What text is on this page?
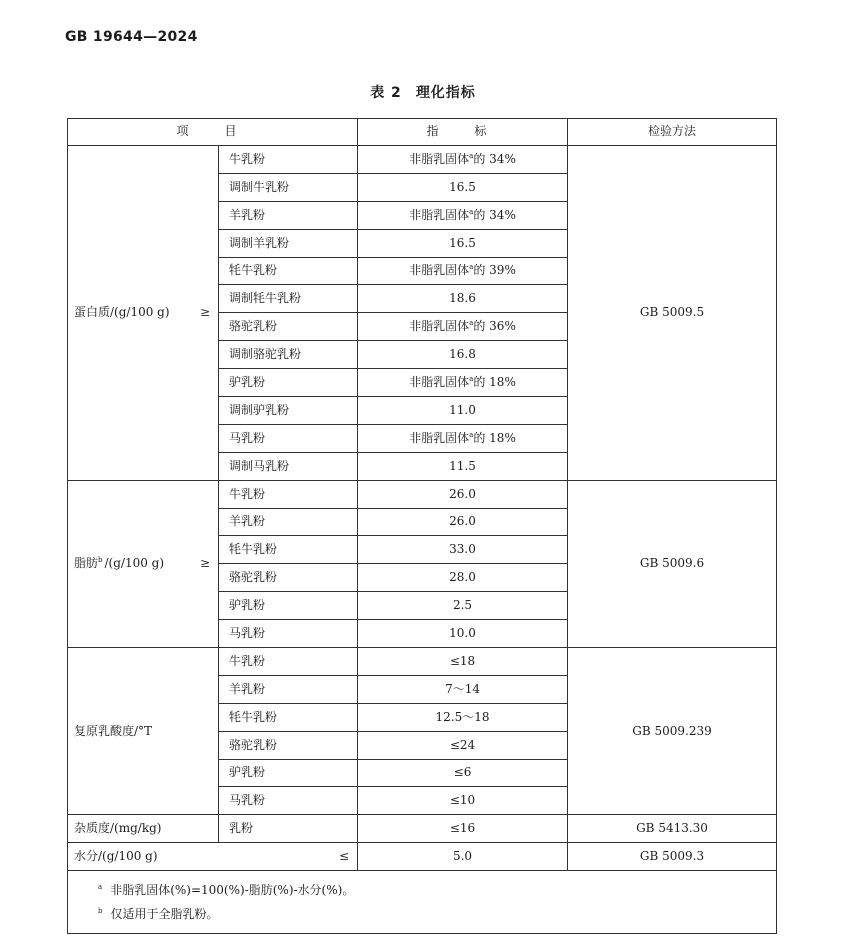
GB 19644—2024
表 2 理化指标
项　目		指　标	检验方法
蛋白质/(g/100 g) ≥	牛乳粉	非脂乳固体$^a$的 34%	GB 5009.5
	调制牛乳粉	16.5	
	羊乳粉	非脂乳固体$^a$的 34%	
	调制羊乳粉	16.5	
	牦牛乳粉	非脂乳固体$^a$的 39%	
	调制牦牛乳粉	18.6	
	骆驼乳粉	非脂乳固体$^a$的 36%	
	调制骆驼乳粉	16.8	
	驴乳粉	非脂乳固体$^a$的 18%	
	调制驴乳粉	11.0	
	马乳粉	非脂乳固体$^a$的 18%	
	调制马乳粉	11.5	
脂肪$^b$ /(g/100 g) ≥	牛乳粉	26.0	GB 5009.6
	羊乳粉	26.0	
	牦牛乳粉	33.0	
	骆驼乳粉	28.0	
	驴乳粉	2.5	
	马乳粉	10.0	
复原乳酸度/°T	牛乳粉	≤18	GB 5009.239
	羊乳粉	7～14	
	牦牛乳粉	12.5～18	
	骆驼乳粉	≤24	
	驴乳粉	≤6	
	马乳粉	≤10	
杂质度/(mg/kg)	乳粉	≤16	GB 5413.30
水分/(g/100 g) ≤		5.0	GB 5009.3

$^a$ 非脂乳固体(%)=100(%)-脂肪(%)-水分(%)。
$^b$ 仅适用于全脂乳粉。			
